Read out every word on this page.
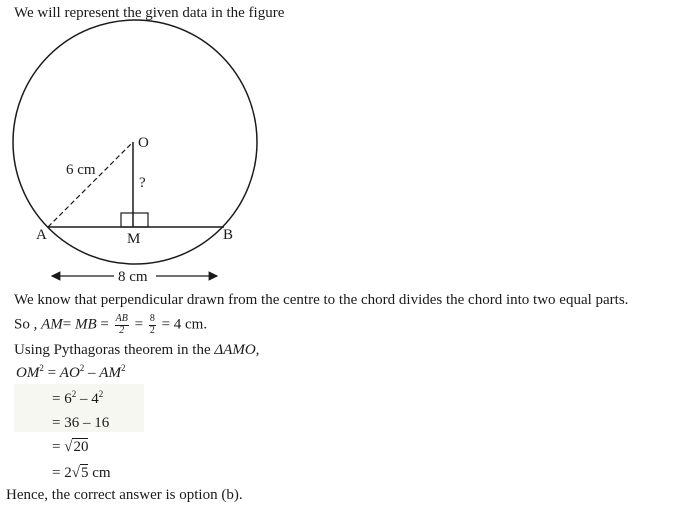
We will represent the given data in the figure
O
A	B
M
6 cm
?
8 cm
We know that perpendicular drawn from the centre to the chord divides the chord into two equal parts.
So , AM= MB = $\frac{AB}{2} = \frac{8}{2} = 4$ cm.
Using Pythagoras theorem in the ΔAMO,
$OM^2 = AO^2 - AM^2$
= $6^2 - 4^2$
= 36 – 16
= √20
= 2√5 cm
Hence, the correct answer is option (b).
